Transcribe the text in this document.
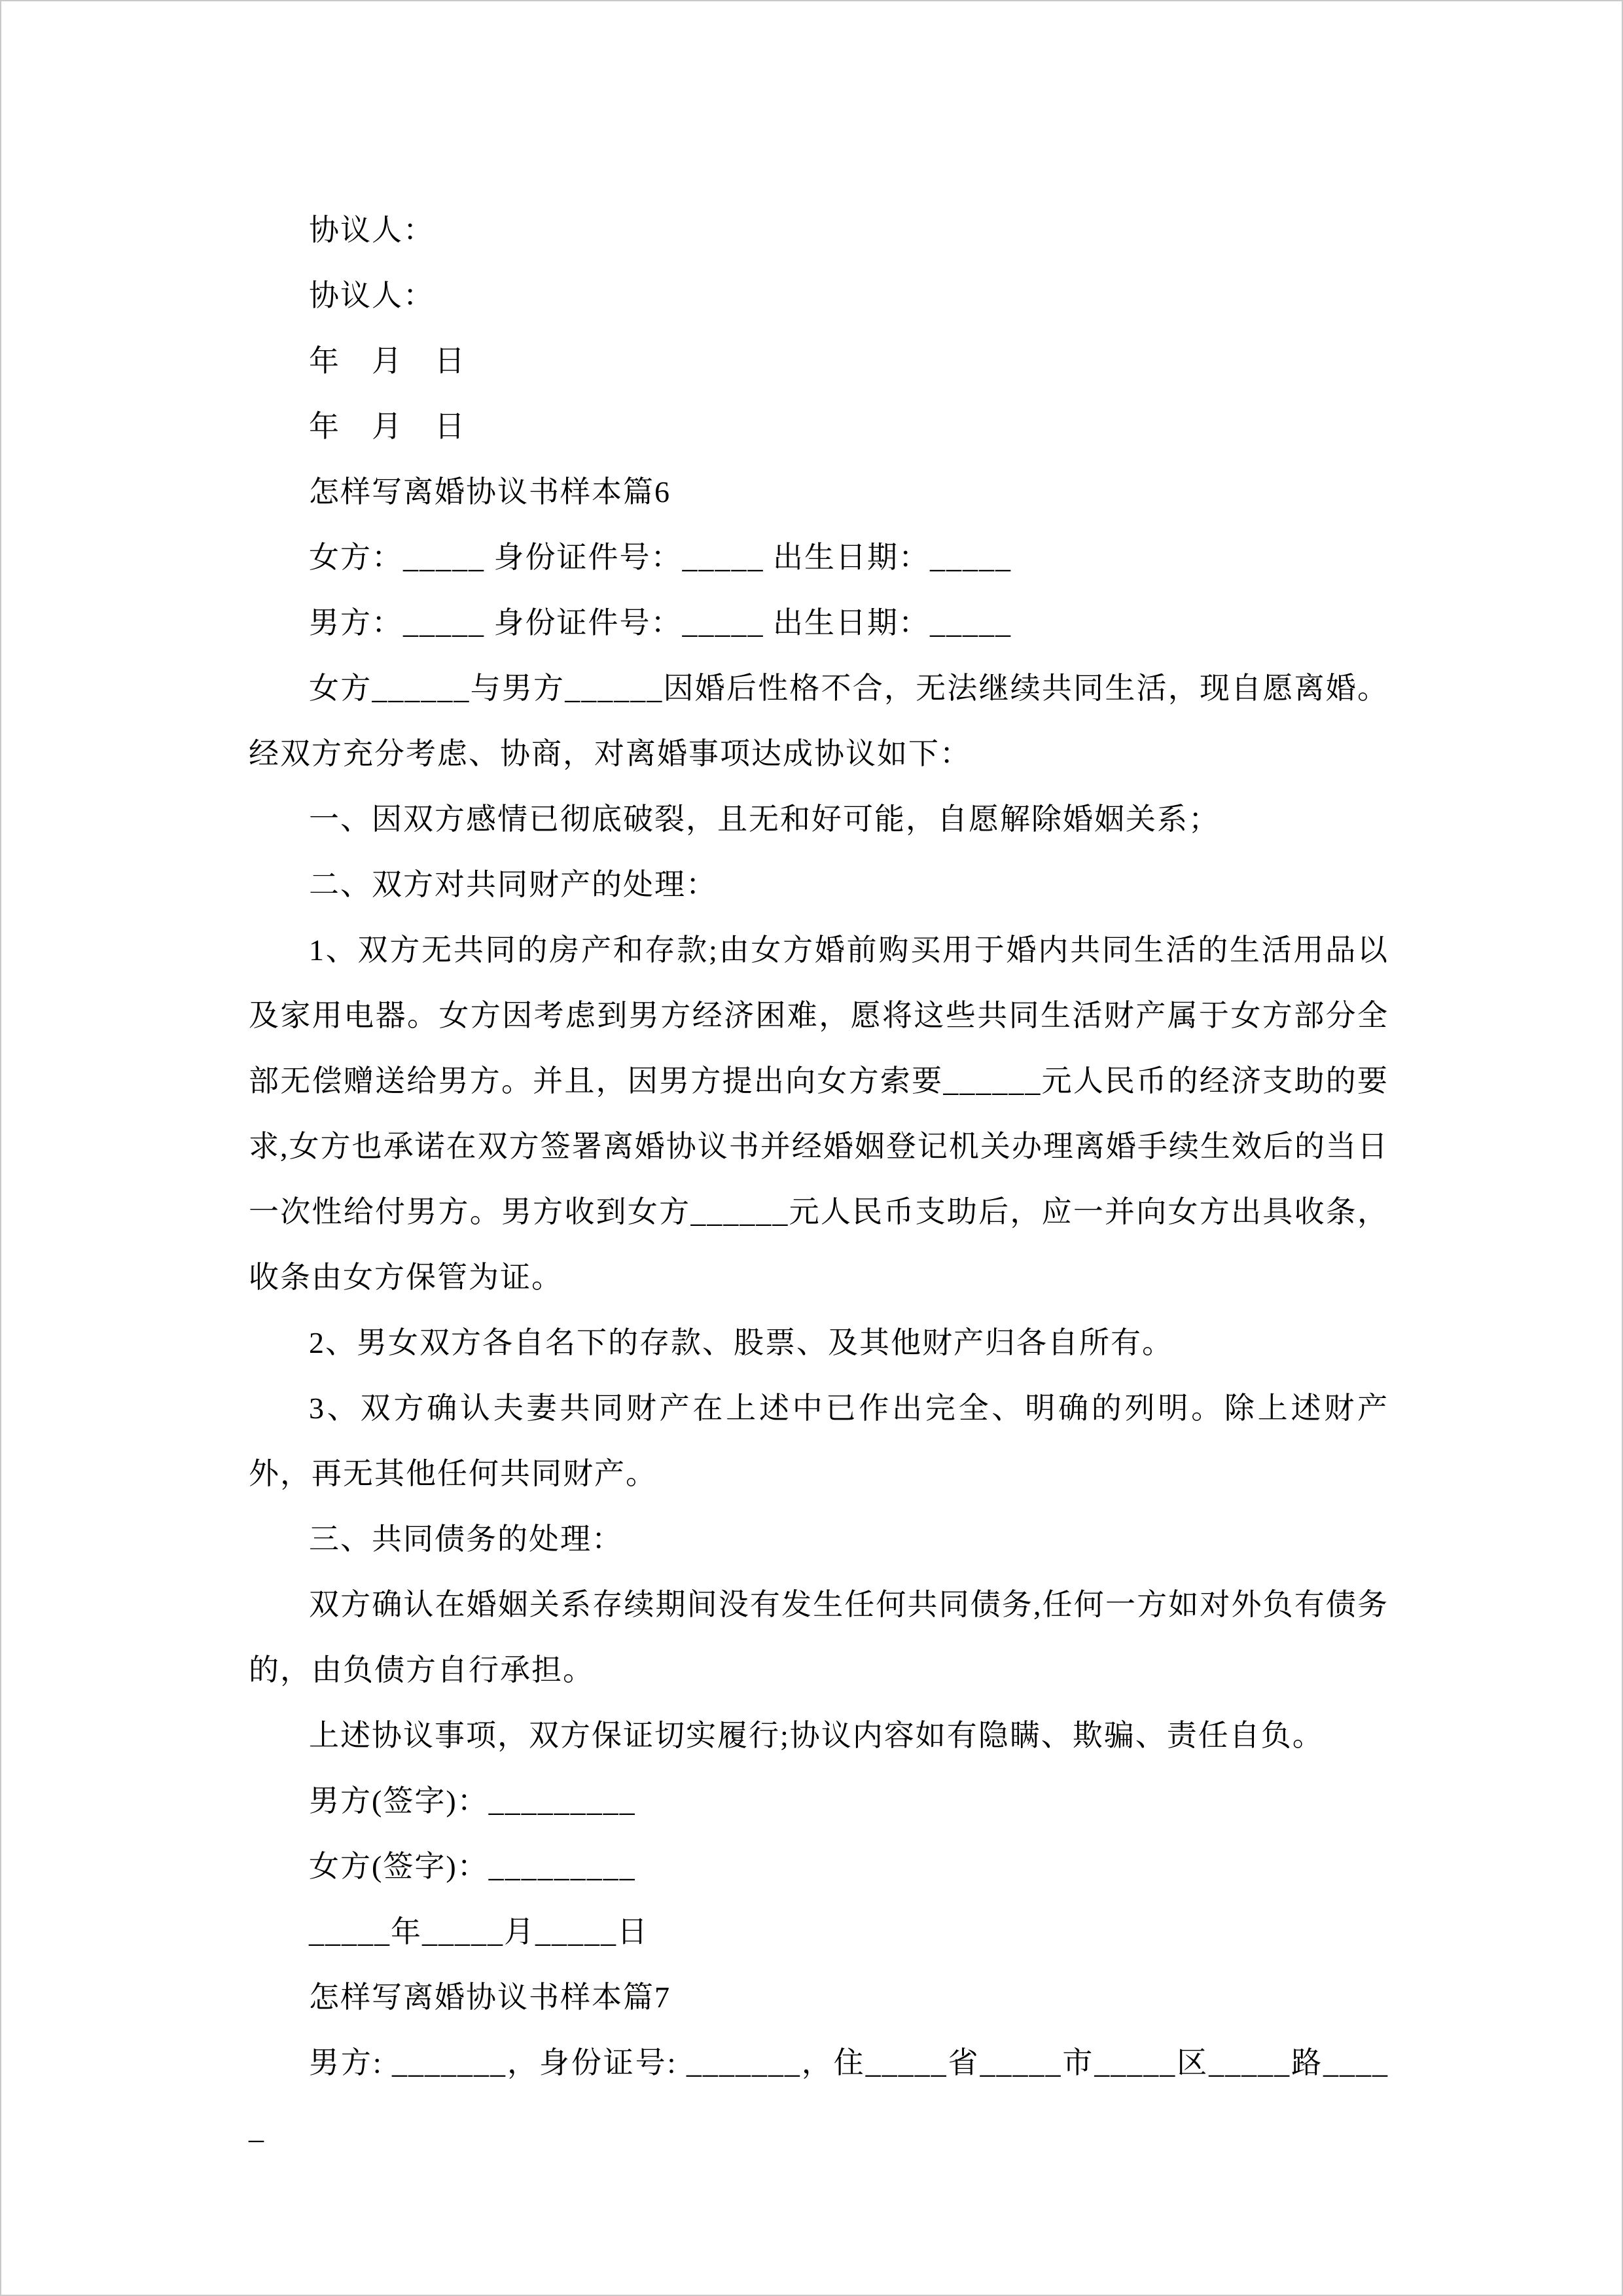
协议人：

协议人：

年　月　日

年　月　日

怎样写离婚协议书样本篇6

女方：_____ 身份证件号：_____ 出生日期：_____

男方：_____ 身份证件号：_____ 出生日期：_____

女方______与男方______因婚后性格不合，无法继续共同生活，现自愿离婚。经双方充分考虑、协商，对离婚事项达成协议如下：

一、因双方感情已彻底破裂，且无和好可能，自愿解除婚姻关系；

二、双方对共同财产的处理：

1、双方无共同的房产和存款;由女方婚前购买用于婚内共同生活的生活用品以及家用电器。女方因考虑到男方经济困难，愿将这些共同生活财产属于女方部分全部无偿赠送给男方。并且，因男方提出向女方索要______元人民币的经济支助的要求,女方也承诺在双方签署离婚协议书并经婚姻登记机关办理离婚手续生效后的当日一次性给付男方。男方收到女方______元人民币支助后，应一并向女方出具收条，收条由女方保管为证。

2、男女双方各自名下的存款、股票、及其他财产归各自所有。

3、双方确认夫妻共同财产在上述中已作出完全、明确的列明。除上述财产外，再无其他任何共同财产。

三、共同债务的处理：

双方确认在婚姻关系存续期间没有发生任何共同债务,任何一方如对外负有债务的，由负债方自行承担。

上述协议事项，双方保证切实履行;协议内容如有隐瞒、欺骗、责任自负。

男方(签字)：_________

女方(签字)：_________

_____年_____月_____日

怎样写离婚协议书样本篇7

男方: _______，身份证号: _______，住_____省_____市_____区_____路_____
